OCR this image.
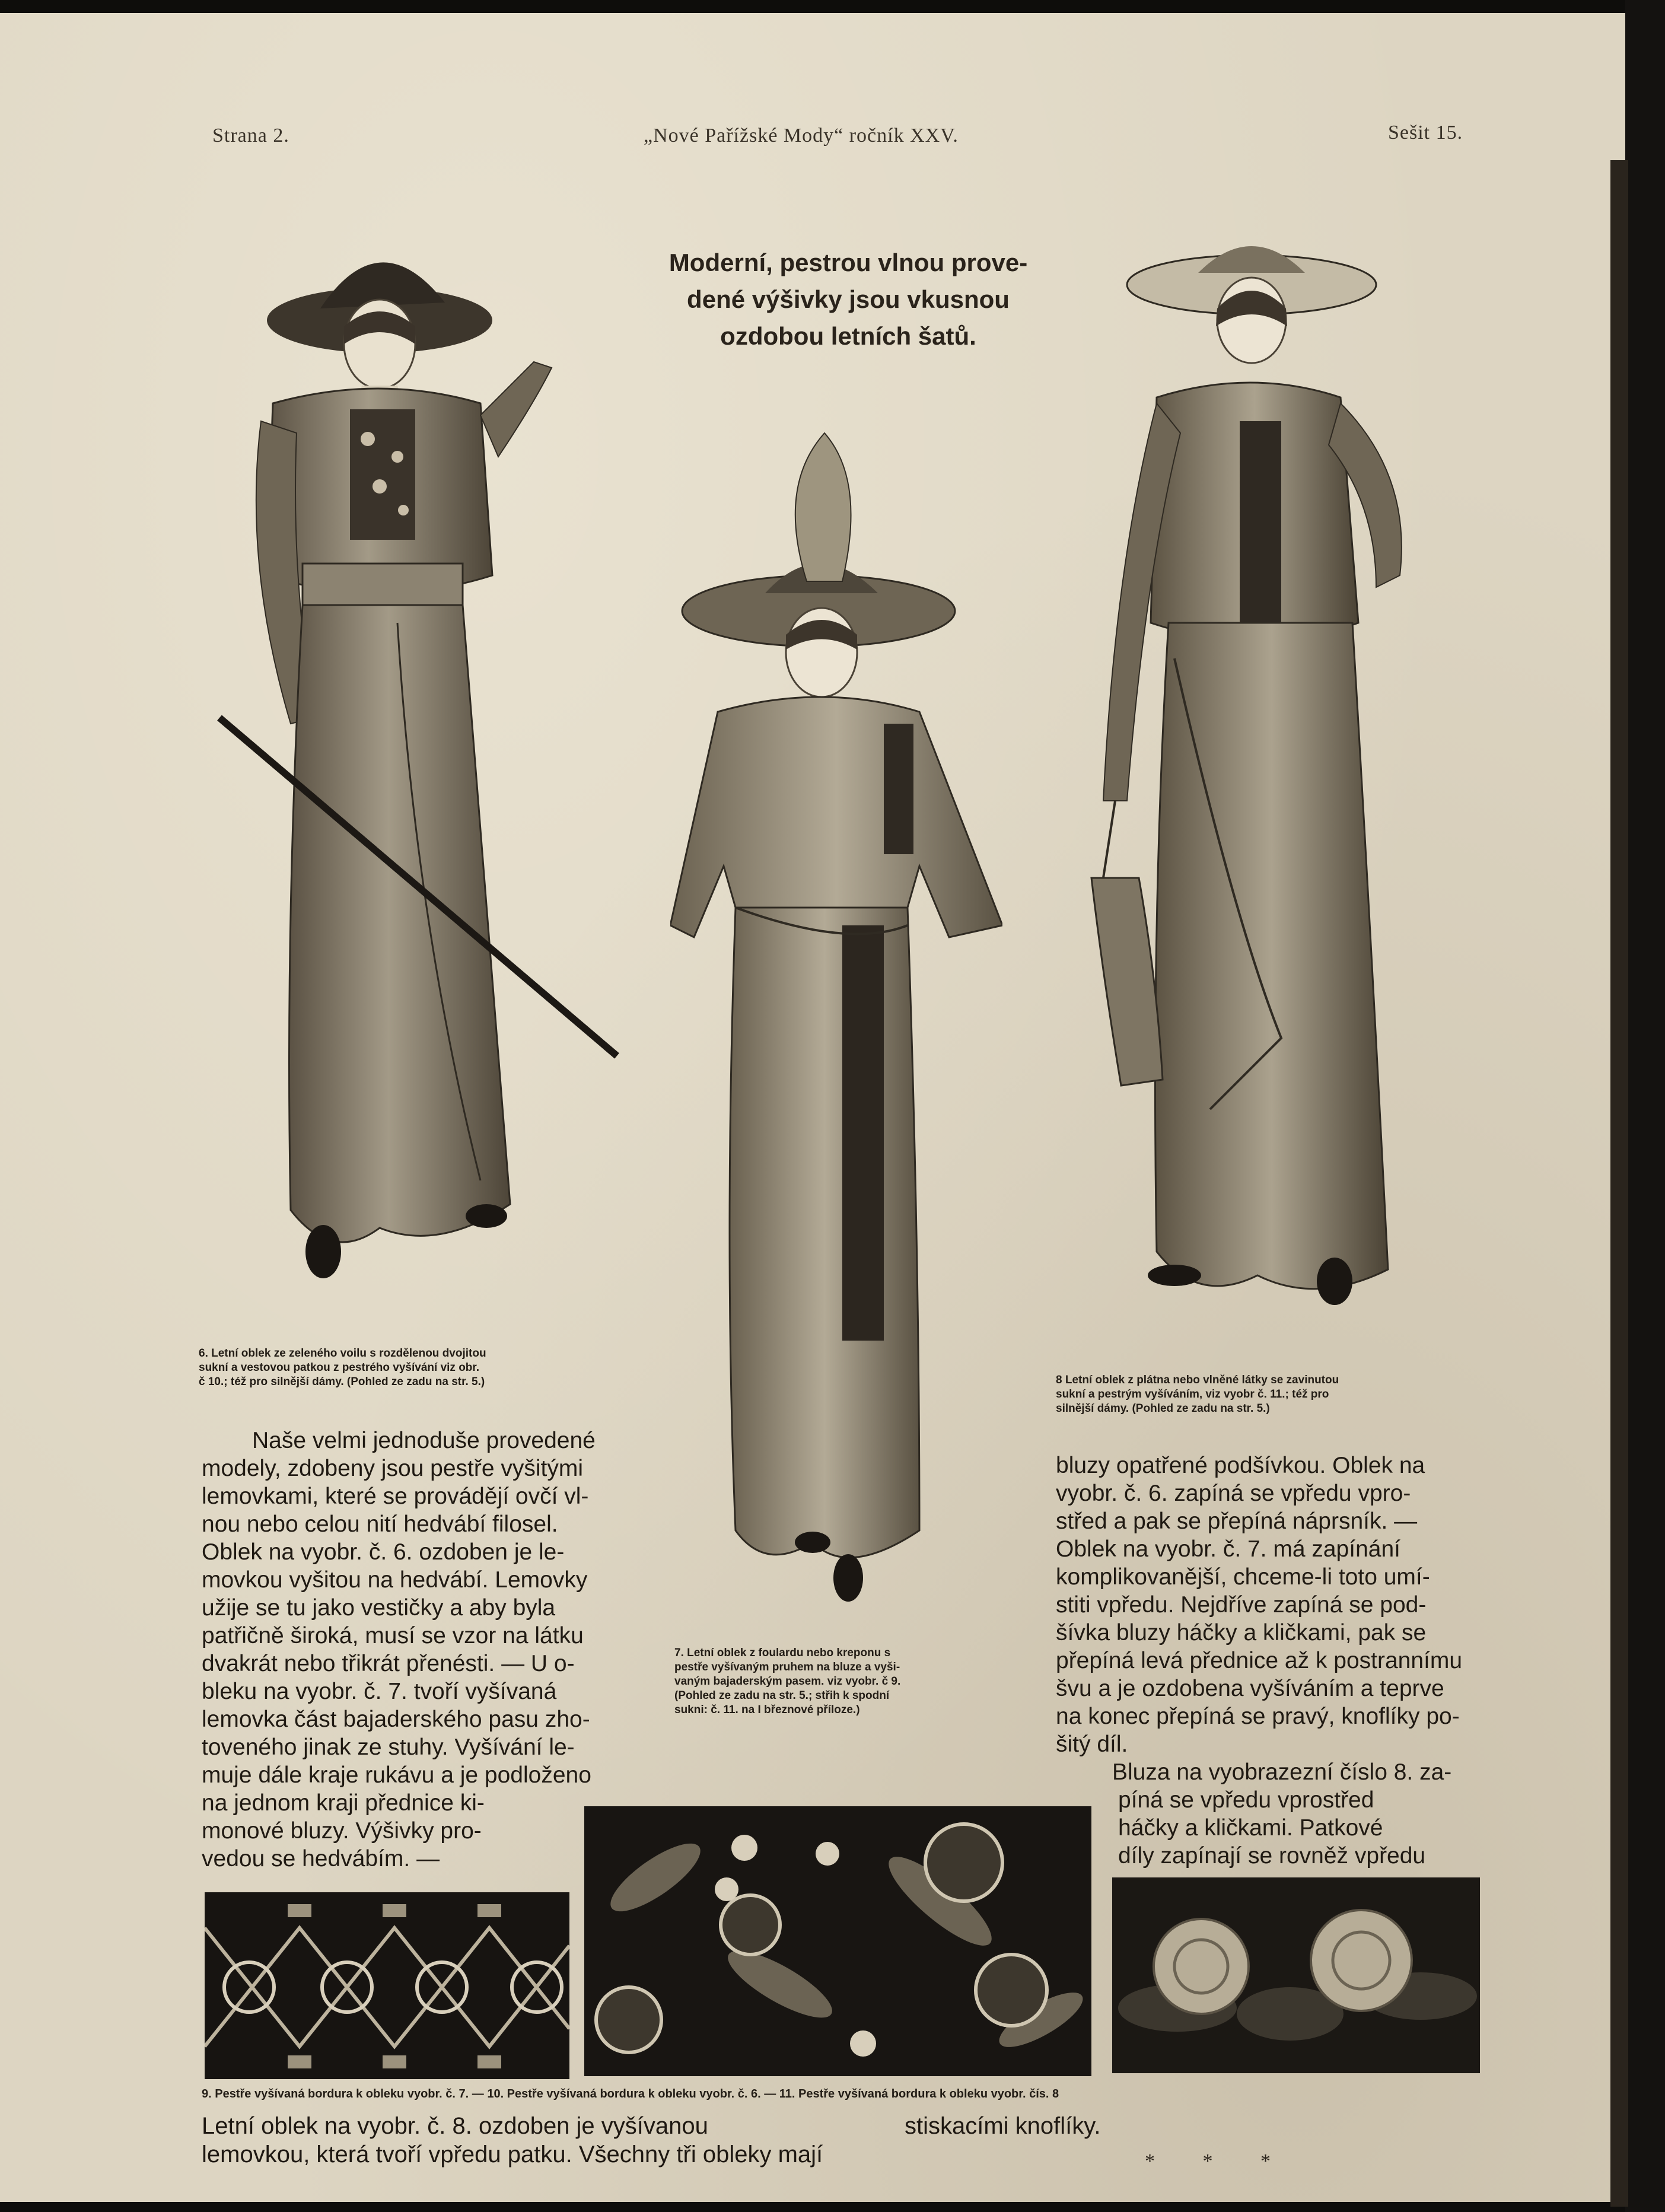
Strana 2.	„Nové Pařížské Mody“ ročník XXV.	Sešit 15.
Moderní, pestrou vlnou prove-
dené výšivky jsou vkusnou
ozdobou letních šatů.
6. Letní oblek ze zeleného voilu s rozdělenou dvojitou
sukní a vestovou patkou z pestrého vyšívání viz obr.
č 10.; též pro silnější dámy. (Pohled ze zadu na str. 5.)
7. Letní oblek z foulardu nebo kreponu s
pestře vyšívaným pruhem na bluze a vyši-
vaným bajaderským pasem. viz vyobr. č 9.
(Pohled ze zadu na str. 5.; střih k spodní
sukni: č. 11. na I březnové příloze.)
8 Letní oblek z plátna nebo vlněné látky se zavinutou
sukní a pestrým vyšíváním, viz vyobr č. 11.; též pro
silnější dámy. (Pohled ze zadu na str. 5.)
Naše velmi jednoduše provedené
modely, zdobeny jsou pestře vyšitými
lemovkami, které se provádějí ovčí vl-
nou nebo celou nití hedvábí filosel.
Oblek na vyobr. č. 6. ozdoben je le-
movkou vyšitou na hedvábí. Lemovky
užije se tu jako vestičky a aby byla
patřičně široká, musí se vzor na látku
dvakrát nebo třikrát přenésti. — U o-
bleku na vyobr. č. 7. tvoří vyšívaná
lemovka část bajaderského pasu zho-
toveného jinak ze stuhy. Vyšívání le-
muje dále kraje rukávu a je podloženo
na jednom kraji přednice ki-
monové bluzy. Výšivky pro-
vedou se hedvábím. —
bluzy opatřené podšívkou. Oblek na
vyobr. č. 6. zapíná se vpředu vpro-
střed a pak se přepíná náprsník. —
Oblek na vyobr. č. 7. má zapínání
komplikovanější, chceme-li toto umí-
stiti vpředu. Nejdříve zapíná se pod-
šívka bluzy háčky a kličkami, pak se
přepíná levá přednice až k postrannímu
švu a je ozdobena vyšíváním a teprve
na konec přepíná se pravý, knoflíky po-
šitý díl.
Bluza na vyobrazezní číslo 8. za-
píná se vpředu vprostřed
háčky a kličkami. Patkové
díly zapínají se rovněž vpředu
9. Pestře vyšívaná bordura k obleku vyobr. č. 7. — 10. Pestře vyšívaná bordura k obleku vyobr. č. 6. — 11. Pestře vyšívaná bordura k obleku vyobr. čís. 8
Letní oblek na vyobr. č. 8. ozdoben je vyšívanou
lemovkou, která tvoří vpředu patku. Všechny tři obleky mají
stiskacími knoflíky.
* * *
